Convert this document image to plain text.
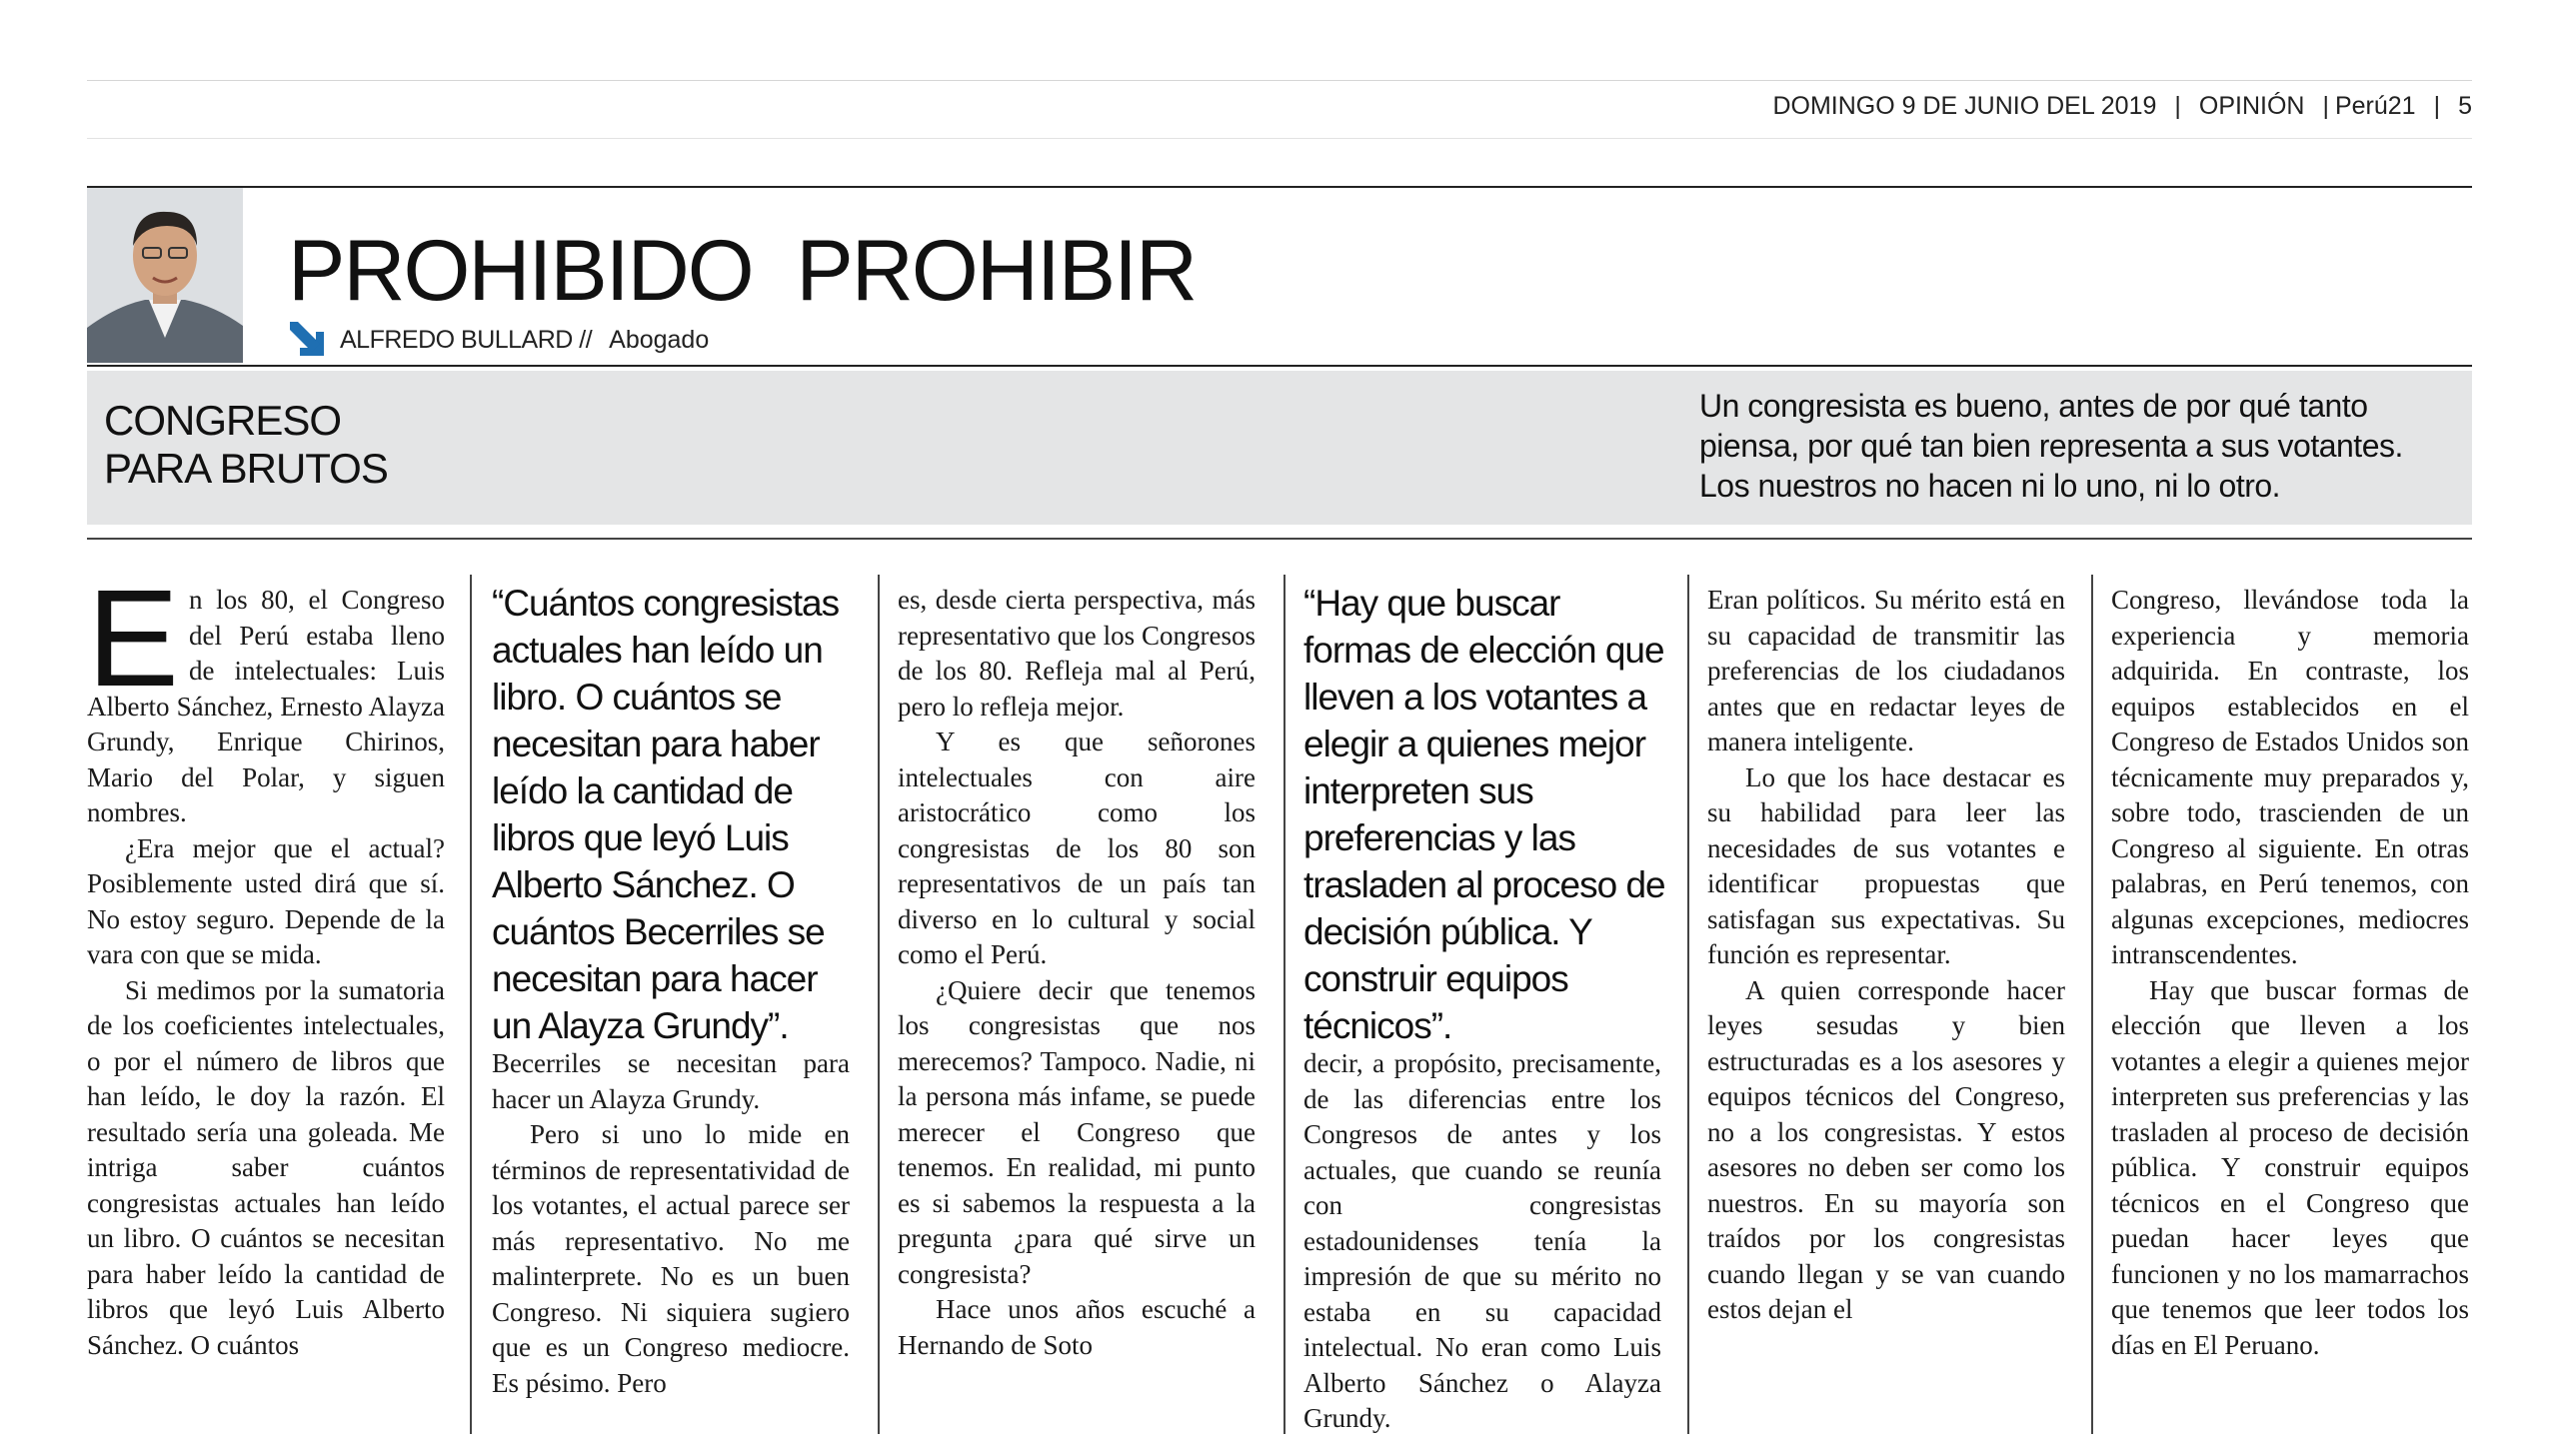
DOMINGO 9 DE JUNIO DEL 2019 | OPINIÓN | Perú21 | 5
PROHIBIDO  PROHIBIR
ALFREDO BULLARD // Abogado
CONGRESO
PARA BRUTOS
Un congresista es bueno, antes de por qué tanto piensa, por qué tan bien representa a sus votantes. Los nuestros no hacen ni lo uno, ni lo otro.

En los 80, el Congreso del Perú estaba lleno de intelectuales: Luis Alberto Sánchez, Ernesto Alayza Grundy, Enrique Chirinos, Mario del Polar, y siguen nombres.

¿Era mejor que el actual? Posiblemente usted dirá que sí. No estoy seguro. Depende de la vara con que se mida.

Si medimos por la sumatoria de los coeficientes intelectuales, o por el número de libros que han leído, le doy la razón. El resultado sería una goleada. Me intriga saber cuántos congresistas actuales han leído un libro. O cuántos se necesitan para haber leído la cantidad de libros que leyó Luis Alberto Sánchez. O cuántos

“Cuántos congresistas actuales han leído un libro. O cuántos se necesitan para haber leído la cantidad de libros que leyó Luis Alberto Sánchez. O cuántos Becerriles se necesitan para hacer un Alayza Grundy”.

Becerriles se necesitan para hacer un Alayza Grundy.

Pero si uno lo mide en términos de representatividad de los votantes, el actual parece ser más representativo. No me malinterprete. No es un buen Congreso. Ni siquiera sugiero que es un Congreso mediocre. Es pésimo. Pero

es, desde cierta perspectiva, más representativo que los Congresos de los 80. Refleja mal al Perú, pero lo refleja mejor.

Y es que señorones intelectuales con aire aristocrático como los congresistas de los 80 son representativos de un país tan diverso en lo cultural y social como el Perú.

¿Quiere decir que tenemos los congresistas que nos merecemos? Tampoco. Nadie, ni la persona más infame, se puede merecer el Congreso que tenemos. En realidad, mi punto es si sabemos la respuesta a la pregunta ¿para qué sirve un congresista?

Hace unos años escuché a Hernando de Soto

“Hay que buscar formas de elección que lleven a los votantes a elegir a quienes mejor interpreten sus preferencias y las trasladen al proceso de decisión pública. Y construir equipos técnicos”.

decir, a propósito, precisamente, de las diferencias entre los Congresos de antes y los actuales, que cuando se reunía con congresistas estadounidenses tenía la impresión de que su mérito no estaba en su capacidad intelectual. No eran como Luis Alberto Sánchez o Alayza Grundy.

Eran políticos. Su mérito está en su capacidad de transmitir las preferencias de los ciudadanos antes que en redactar leyes de manera inteligente.

Lo que los hace destacar es su habilidad para leer las necesidades de sus votantes e identificar propuestas que satisfagan sus expectativas. Su función es representar.

A quien corresponde hacer leyes sesudas y bien estructuradas es a los asesores y equipos técnicos del Congreso, no a los congresistas. Y estos asesores no deben ser como los nuestros. En su mayoría son traídos por los congresistas cuando llegan y se van cuando estos dejan el

Congreso, llevándose toda la experiencia y memoria adquirida. En contraste, los equipos establecidos en el Congreso de Estados Unidos son técnicamente muy preparados y, sobre todo, trascienden de un Congreso al siguiente. En otras palabras, en Perú tenemos, con algunas excepciones, mediocres intranscendentes.

Hay que buscar formas de elección que lleven a los votantes a elegir a quienes mejor interpreten sus preferencias y las trasladen al proceso de decisión pública. Y construir equipos técnicos en el Congreso que puedan hacer leyes que funcionen y no los mamarrachos que tenemos que leer todos los días en El Peruano.
